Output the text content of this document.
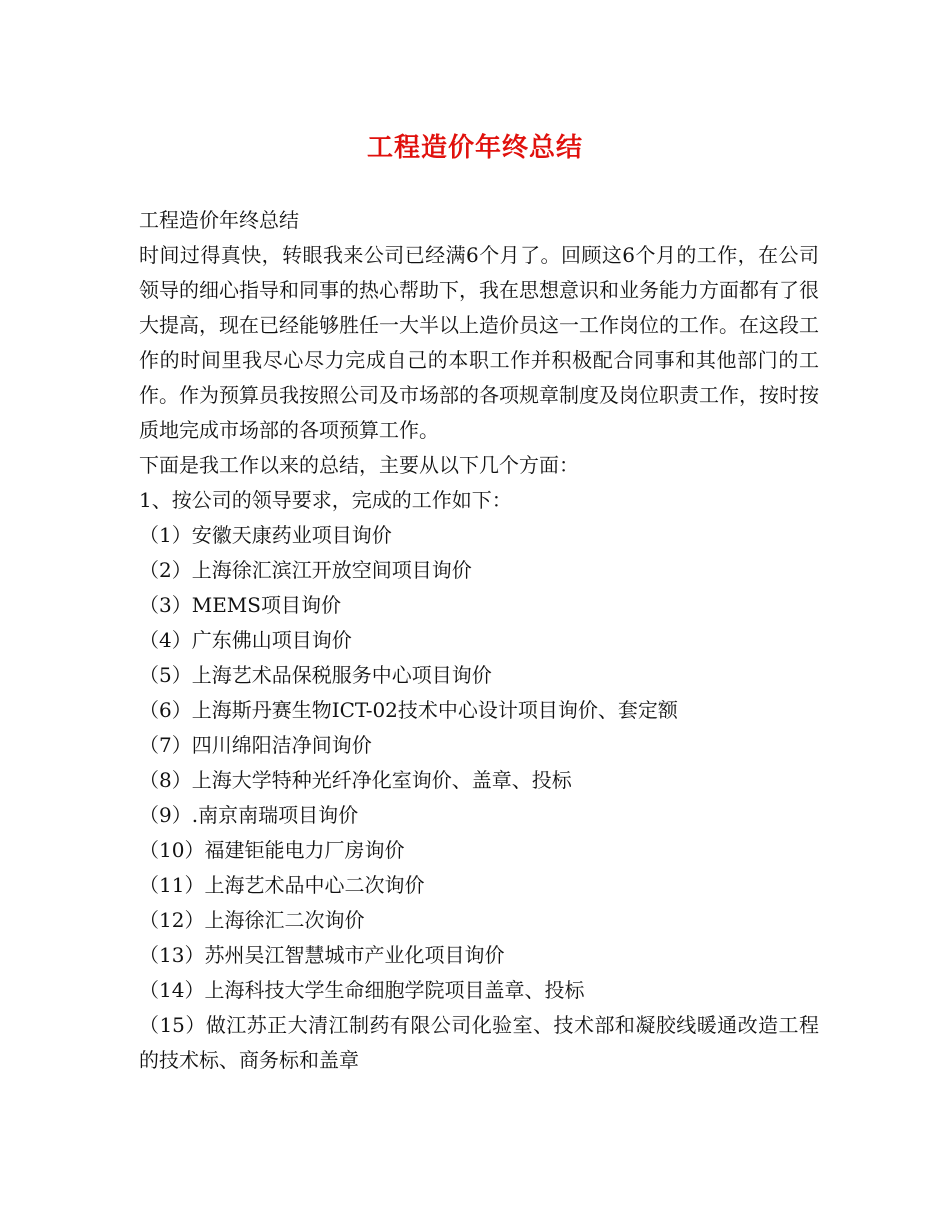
工程造价年终总结
工程造价年终总结
时间过得真快，转眼我来公司已经满6个月了。回顾这6个月的工作，在公司领导的细心指导和同事的热心帮助下，我在思想意识和业务能力方面都有了很大提高，现在已经能够胜任一大半以上造价员这一工作岗位的工作。在这段工作的时间里我尽心尽力完成自己的本职工作并积极配合同事和其他部门的工作。作为预算员我按照公司及市场部的各项规章制度及岗位职责工作，按时按质地完成市场部的各项预算工作。
下面是我工作以来的总结，主要从以下几个方面：
1、按公司的领导要求，完成的工作如下：
（1）安徽天康药业项目询价
（2）上海徐汇滨江开放空间项目询价
（3）MEMS项目询价
（4）广东佛山项目询价
（5）上海艺术品保税服务中心项目询价
（6）上海斯丹赛生物ICT-02技术中心设计项目询价、套定额
（7）四川绵阳洁净间询价
（8）上海大学特种光纤净化室询价、盖章、投标
（9）.南京南瑞项目询价
（10）福建钜能电力厂房询价
（11）上海艺术品中心二次询价
（12）上海徐汇二次询价
（13）苏州吴江智慧城市产业化项目询价
（14）上海科技大学生命细胞学院项目盖章、投标
（15）做江苏正大清江制药有限公司化验室、技术部和凝胶线暖通改造工程的技术标、商务标和盖章
